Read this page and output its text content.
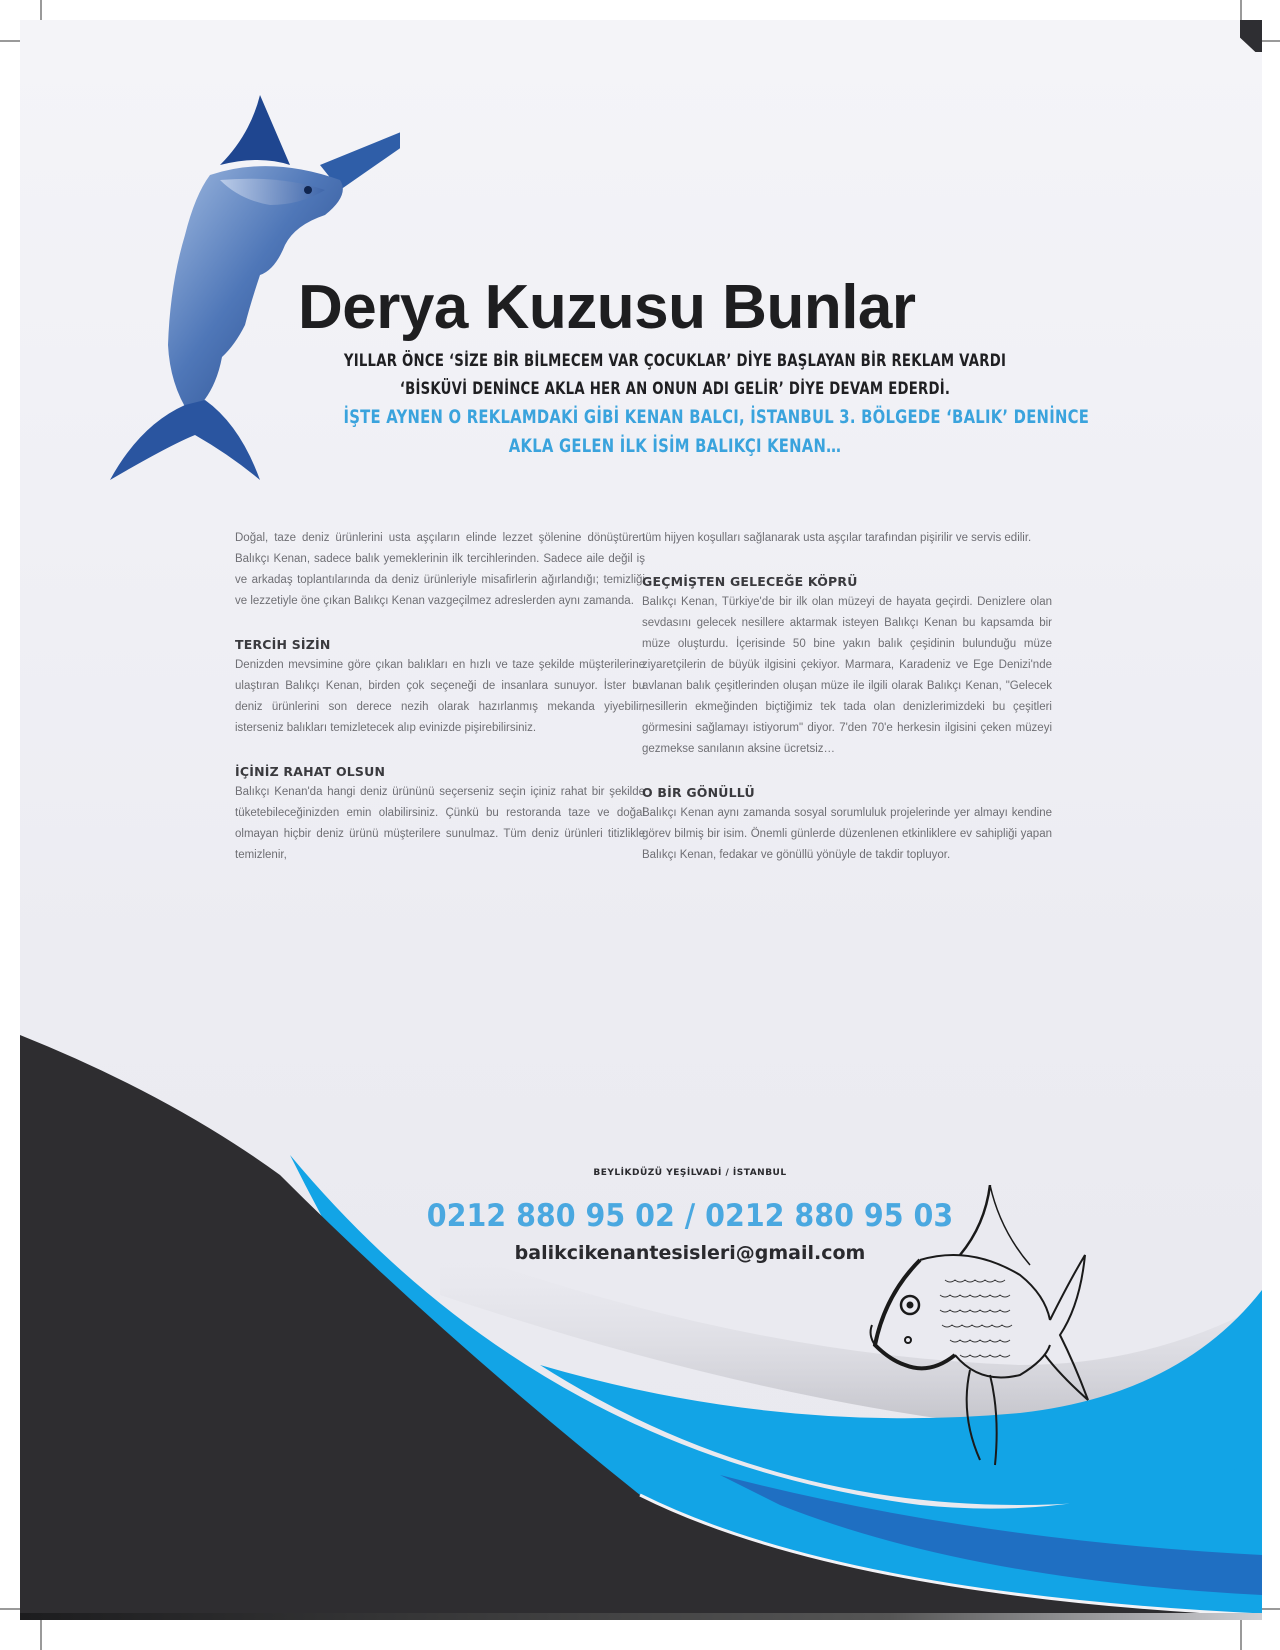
Derya Kuzusu Bunlar
YILLAR ÖNCE ‘SİZE BİR BİLMECEM VAR ÇOCUKLAR’ DİYE BAŞLAYAN BİR REKLAM VARDI
‘BİSKÜVİ DENİNCE AKLA HER AN ONUN ADI GELİR’ DİYE DEVAM EDERDİ.
İŞTE AYNEN O REKLAMDAKİ GİBİ KENAN BALCI, İSTANBUL 3. BÖLGEDE ‘BALIK’ DENİNCE
AKLA GELEN İLK İSİM BALIKÇI KENAN…

Doğal, taze deniz ürünlerini usta aşçıların elinde lezzet şölenine dönüştüren Balıkçı Kenan, sadece balık yemeklerinin ilk tercihlerinden. Sadece aile değil iş ve arkadaş toplantılarında da deniz ürünleriyle misafirlerin ağırlandığı; temizliği ve lezzetiyle öne çıkan Balıkçı Kenan vazgeçilmez adreslerden aynı zamanda.

TERCİH SİZİN

Denizden mevsimine göre çıkan balıkları en hızlı ve taze şekilde müşterilerine ulaştıran Balıkçı Kenan, birden çok seçeneği de insanlara sunuyor. İster bu deniz ürünlerini son derece nezih olarak hazırlanmış mekanda yiyebilir, isterseniz balıkları temizletecek alıp evinizde pişirebilirsiniz.

İÇİNİZ RAHAT OLSUN

Balıkçı Kenan'da hangi deniz ürününü seçerseniz seçin içiniz rahat bir şekilde tüketebileceğinizden emin olabilirsiniz. Çünkü bu restoranda taze ve doğal olmayan hiçbir deniz ürünü müşterilere sunulmaz. Tüm deniz ürünleri titizlikle temizlenir,

tüm hijyen koşulları sağlanarak usta aşçılar tarafından pişirilir ve servis edilir.

GEÇMİŞTEN GELECEĞE KÖPRÜ

Balıkçı Kenan, Türkiye'de bir ilk olan müzeyi de hayata geçirdi. Denizlere olan sevdasını gelecek nesillere aktarmak isteyen Balıkçı Kenan bu kapsamda bir müze oluşturdu. İçerisinde 50 bine yakın balık çeşidinin bulunduğu müze ziyaretçilerin de büyük ilgisini çekiyor. Marmara, Karadeniz ve Ege Denizi'nde avlanan balık çeşitlerinden oluşan müze ile ilgili olarak Balıkçı Kenan, "Gelecek nesillerin ekmeğinden biçtiğimiz tek tada olan denizlerimizdeki bu çeşitleri görmesini sağlamayı istiyorum" diyor. 7'den 70'e herkesin ilgisini çeken müzeyi gezmekse sanılanın aksine ücretsiz…

O BİR GÖNÜLLÜ

Balıkçı Kenan aynı zamanda sosyal sorumluluk projelerinde yer almayı kendine görev bilmiş bir isim. Önemli günlerde düzenlenen etkinliklere ev sahipliği yapan Balıkçı Kenan, fedakar ve gönüllü yönüyle de takdir topluyor.

BEYLİKDÜZÜ YEŞİLVADİ / İSTANBUL
0212 880 95 02 / 0212 880 95 03
balikcikenantesisleri@gmail.com
